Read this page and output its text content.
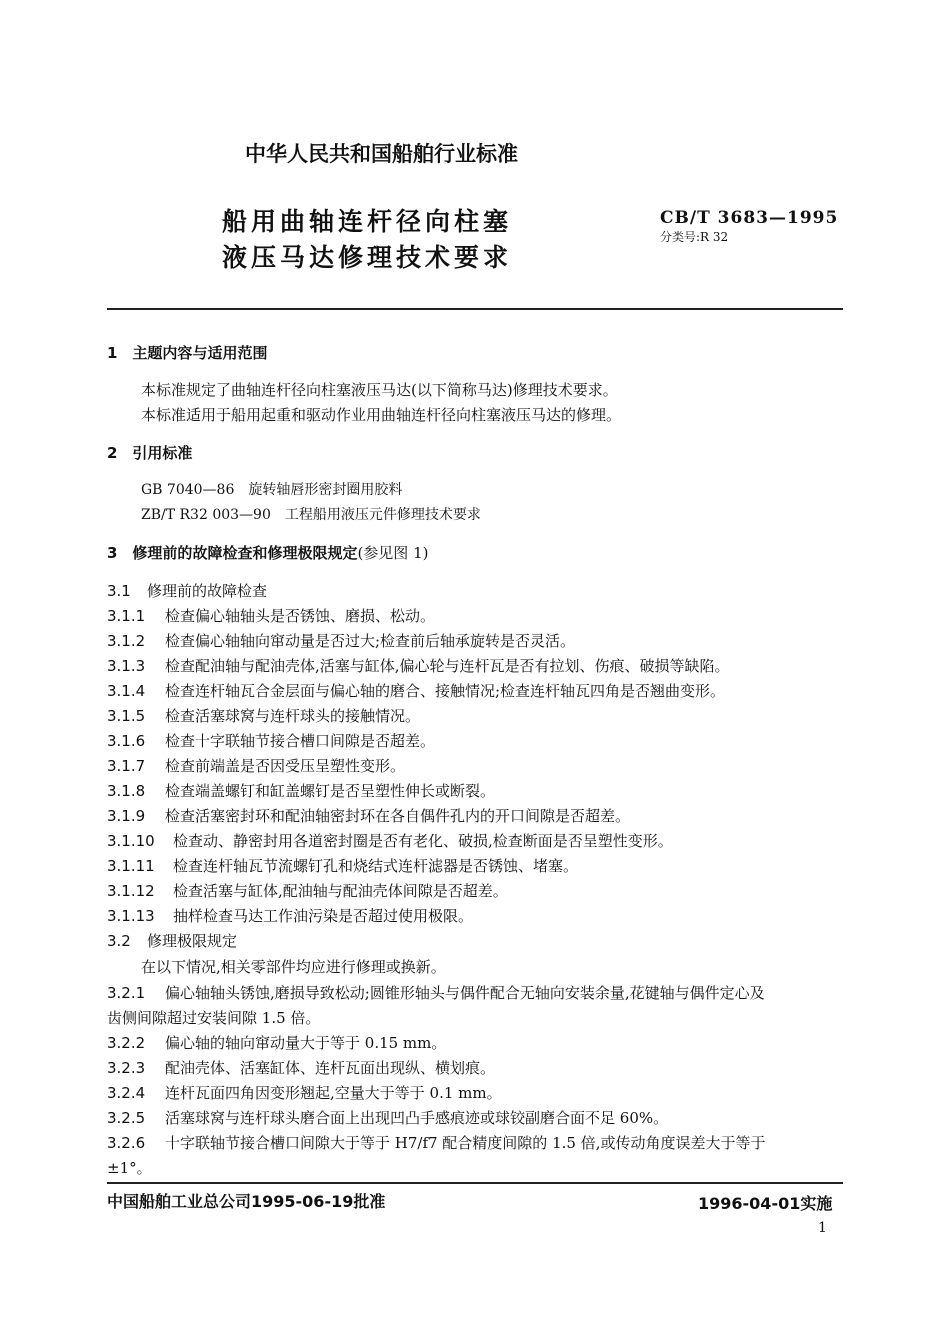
中华人民共和国船舶行业标准
船用曲轴连杆径向柱塞
液压马达修理技术要求
CB/T 3683—1995
分类号:R 32
1　主题内容与适用范围
本标准规定了曲轴连杆径向柱塞液压马达(以下简称马达)修理技术要求。
本标准适用于船用起重和驱动作业用曲轴连杆径向柱塞液压马达的修理。
2　引用标准
GB 7040—86　旋转轴唇形密封圈用胶料
ZB/T R32 003—90　工程船用液压元件修理技术要求
3　修理前的故障检查和修理极限规定(参见图 1)
3.1 修理前的故障检查
3.1.1 检查偏心轴轴头是否锈蚀、磨损、松动。
3.1.2 检查偏心轴轴向窜动量是否过大;检查前后轴承旋转是否灵活。
3.1.3 检查配油轴与配油壳体,活塞与缸体,偏心轮与连杆瓦是否有拉划、伤痕、破损等缺陷。
3.1.4 检查连杆轴瓦合金层面与偏心轴的磨合、接触情况;检查连杆轴瓦四角是否翘曲变形。
3.1.5 检查活塞球窝与连杆球头的接触情况。
3.1.6 检查十字联轴节接合槽口间隙是否超差。
3.1.7 检查前端盖是否因受压呈塑性变形。
3.1.8 检查端盖螺钉和缸盖螺钉是否呈塑性伸长或断裂。
3.1.9 检查活塞密封环和配油轴密封环在各自偶件孔内的开口间隙是否超差。
3.1.10 检查动、静密封用各道密封圈是否有老化、破损,检查断面是否呈塑性变形。
3.1.11 检查连杆轴瓦节流螺钉孔和烧结式连杆滤器是否锈蚀、堵塞。
3.1.12 检查活塞与缸体,配油轴与配油壳体间隙是否超差。
3.1.13 抽样检查马达工作油污染是否超过使用极限。
3.2 修理极限规定
在以下情况,相关零部件均应进行修理或换新。
3.2.1 偏心轴轴头锈蚀,磨损导致松动;圆锥形轴头与偶件配合无轴向安装余量,花键轴与偶件定心及
齿侧间隙超过安装间隙 1.5 倍。
3.2.2 偏心轴的轴向窜动量大于等于 0.15 mm。
3.2.3 配油壳体、活塞缸体、连杆瓦面出现纵、横划痕。
3.2.4 连杆瓦面四角因变形翘起,空量大于等于 0.1 mm。
3.2.5 活塞球窝与连杆球头磨合面上出现凹凸手感痕迹或球铰副磨合面不足 60%。
3.2.6 十字联轴节接合槽口间隙大于等于 H7/f7 配合精度间隙的 1.5 倍,或传动角度误差大于等于
±1°。
中国船舶工业总公司1995-06-19批准	1996-04-01实施
1
